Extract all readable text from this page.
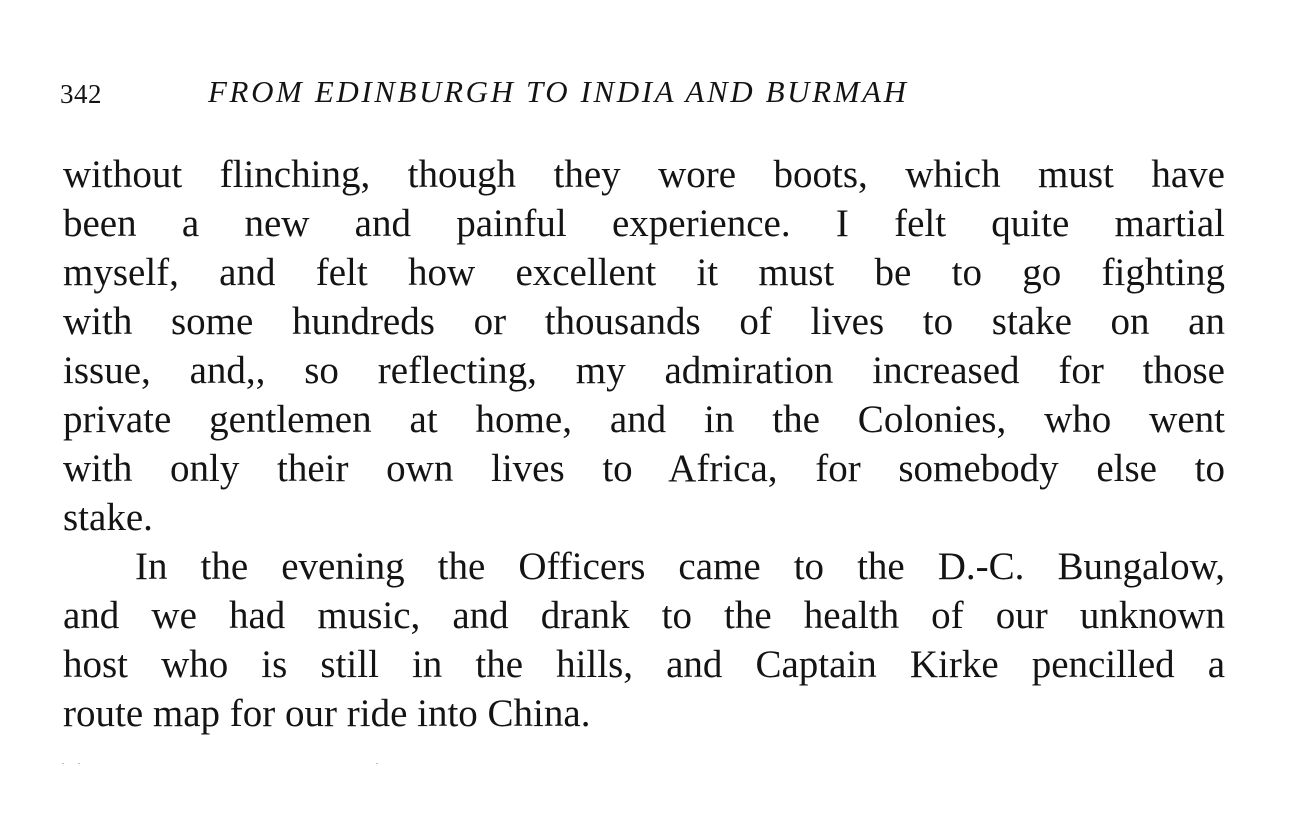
342	FROM EDINBURGH TO INDIA AND BURMAH
without flinching, though they wore boots, which must have
been a new and painful experience. I felt quite martial
myself, and felt how excellent it must be to go fighting
with some hundreds or thousands of lives to stake on an
issue, and,, so reflecting, my admiration increased for those
private gentlemen at home, and in the Colonies, who went
with only their own lives to Africa, for somebody else to
stake.
In the evening the Officers came to the D.-C. Bungalow,
and we had music, and drank to the health of our unknown
host who is still in the hills, and Captain Kirke pencilled a
route map for our ride into China.
